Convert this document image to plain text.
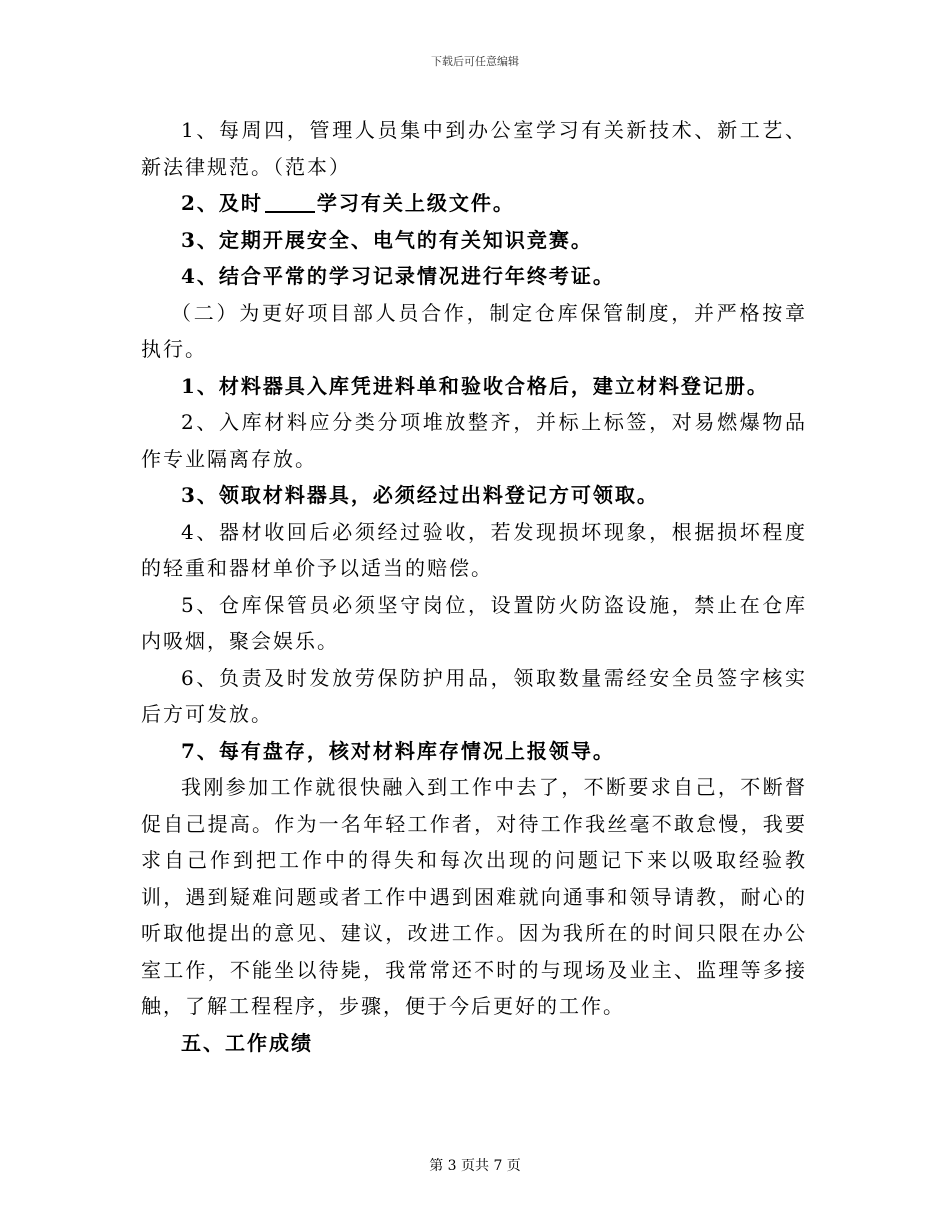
下载后可任意编辑

1、每周四，管理人员集中到办公室学习有关新技术、新工艺、新法律规范。（范本）

2、及时	学习有关上级文件。

3、定期开展安全、电气的有关知识竞赛。

4、结合平常的学习记录情况进行年终考证。

（二）为更好项目部人员合作，制定仓库保管制度，并严格按章执行。

1、材料器具入库凭进料单和验收合格后，建立材料登记册。

2、入库材料应分类分项堆放整齐，并标上标签，对易燃爆物品作专业隔离存放。

3、领取材料器具，必须经过出料登记方可领取。

4、器材收回后必须经过验收，若发现损坏现象，根据损坏程度的轻重和器材单价予以适当的赔偿。

5、仓库保管员必须坚守岗位，设置防火防盗设施，禁止在仓库内吸烟，聚会娱乐。

6、负责及时发放劳保防护用品，领取数量需经安全员签字核实后方可发放。

7、每有盘存，核对材料库存情况上报领导。

我刚参加工作就很快融入到工作中去了，不断要求自己，不断督促自己提高。作为一名年轻工作者，对待工作我丝毫不敢怠慢，我要求自己作到把工作中的得失和每次出现的问题记下来以吸取经验教训，遇到疑难问题或者工作中遇到困难就向通事和领导请教，耐心的听取他提出的意见、建议，改进工作。因为我所在的时间只限在办公室工作，不能坐以待毙，我常常还不时的与现场及业主、监理等多接触，了解工程程序，步骤，便于今后更好的工作。

五、工作成绩

第 3 页共 7 页
